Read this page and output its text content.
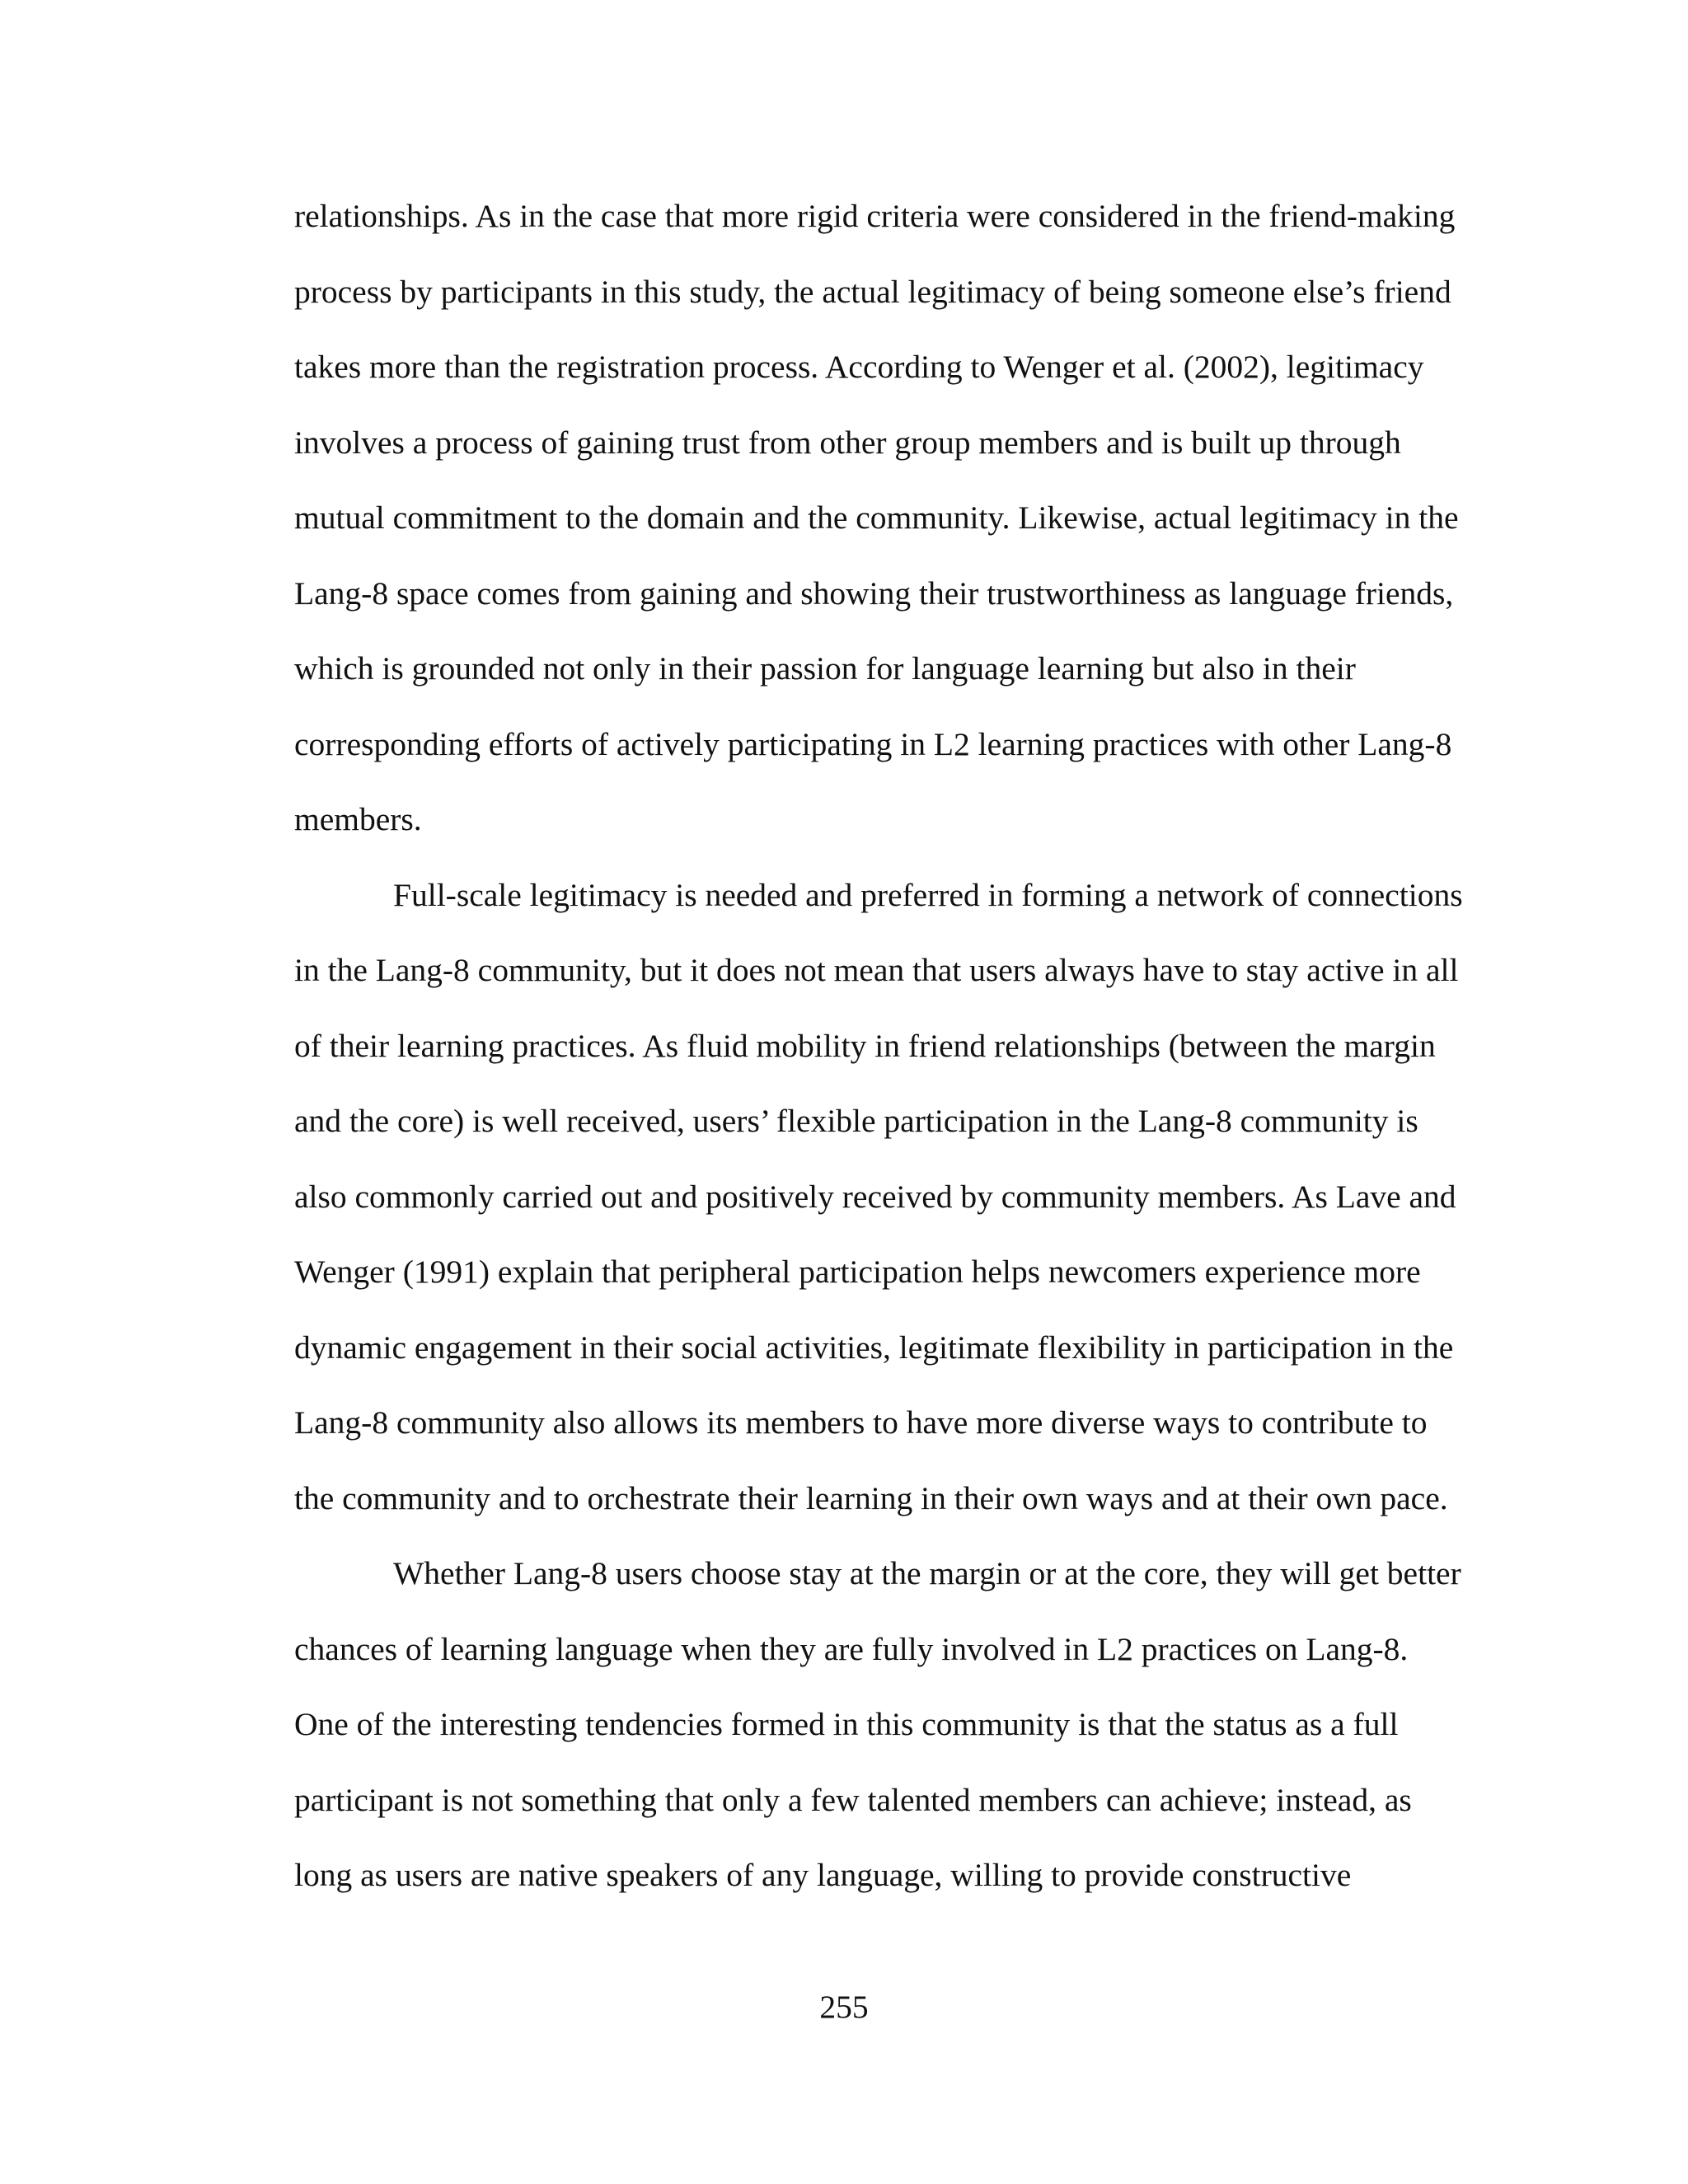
relationships. As in the case that more rigid criteria were considered in the friend-making
process by participants in this study, the actual legitimacy of being someone else’s friend
takes more than the registration process. According to Wenger et al. (2002), legitimacy
involves a process of gaining trust from other group members and is built up through
mutual commitment to the domain and the community. Likewise, actual legitimacy in the
Lang-8 space comes from gaining and showing their trustworthiness as language friends,
which is grounded not only in their passion for language learning but also in their
corresponding efforts of actively participating in L2 learning practices with other Lang-8
members.
Full-scale legitimacy is needed and preferred in forming a network of connections
in the Lang-8 community, but it does not mean that users always have to stay active in all
of their learning practices. As fluid mobility in friend relationships (between the margin
and the core) is well received, users’ flexible participation in the Lang-8 community is
also commonly carried out and positively received by community members. As Lave and
Wenger (1991) explain that peripheral participation helps newcomers experience more
dynamic engagement in their social activities, legitimate flexibility in participation in the
Lang-8 community also allows its members to have more diverse ways to contribute to
the community and to orchestrate their learning in their own ways and at their own pace.
Whether Lang-8 users choose stay at the margin or at the core, they will get better
chances of learning language when they are fully involved in L2 practices on Lang-8.
One of the interesting tendencies formed in this community is that the status as a full
participant is not something that only a few talented members can achieve; instead, as
long as users are native speakers of any language, willing to provide constructive
255
